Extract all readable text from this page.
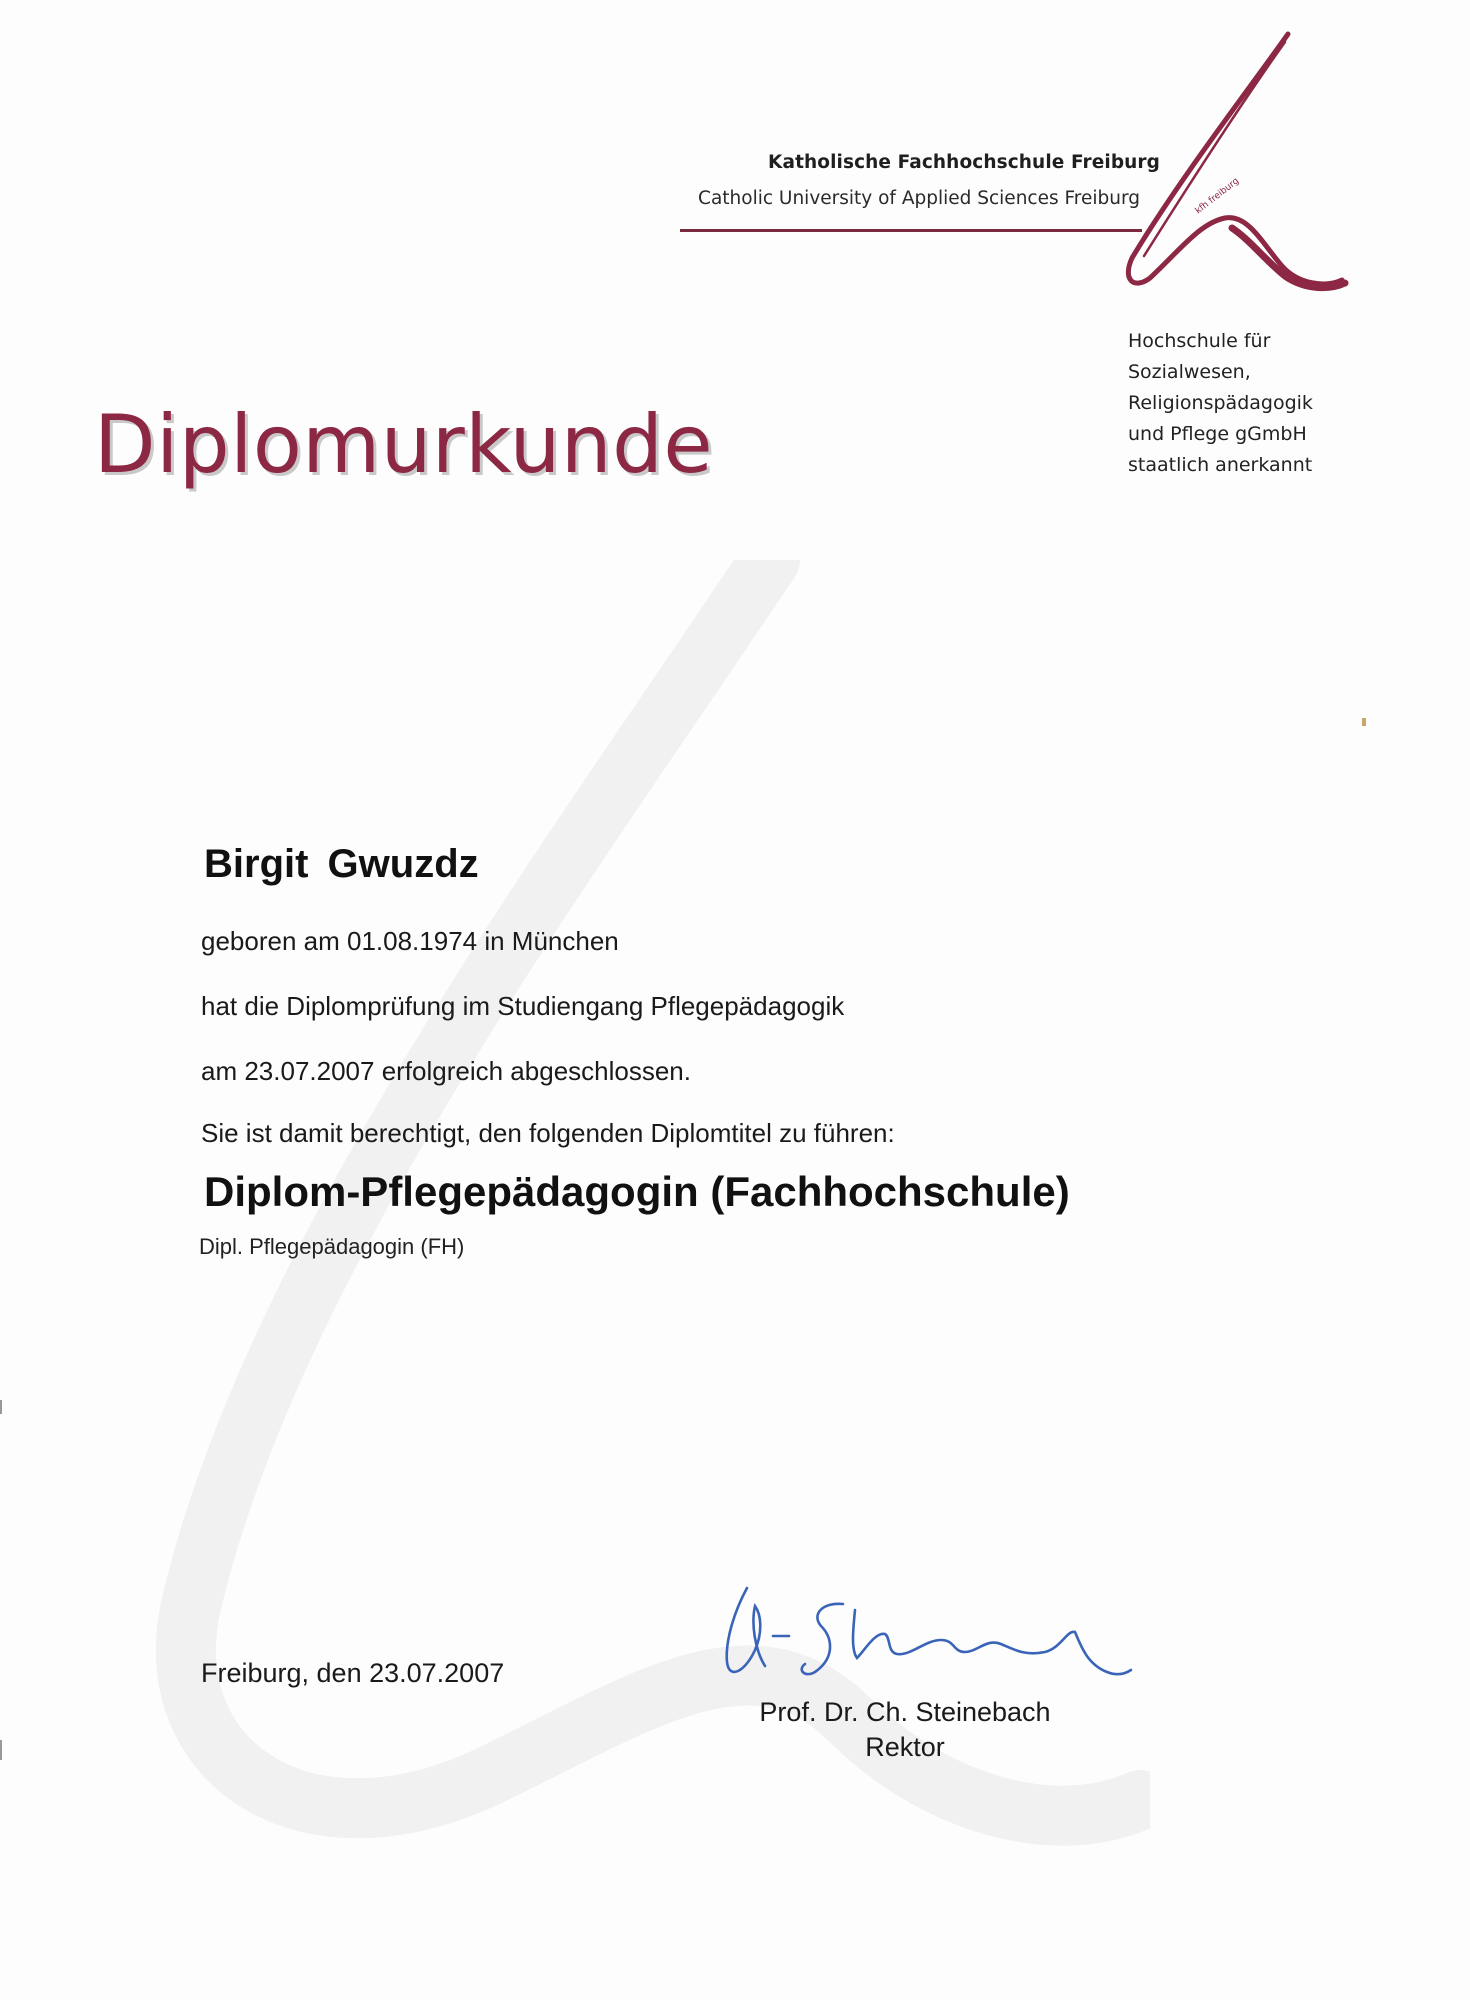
Katholische Fachhochschule Freiburg
Catholic University of Applied Sciences Freiburg	kfh freiburg
Hochschule für
Sozialwesen,
Religionspädagogik
und Pflege gGmbH
staatlich anerkannt
Diplomurkunde
Birgit Gwuzdz
geboren am 01.08.1974 in München
hat die Diplomprüfung im Studiengang Pflegepädagogik
am 23.07.2007 erfolgreich abgeschlossen.
Sie ist damit berechtigt, den folgenden Diplomtitel zu führen:
Diplom-Pflegepädagogin (Fachhochschule)
Dipl. Pflegepädagogin (FH)
Freiburg, den 23.07.2007
Prof. Dr. Ch. Steinebach
Rektor
